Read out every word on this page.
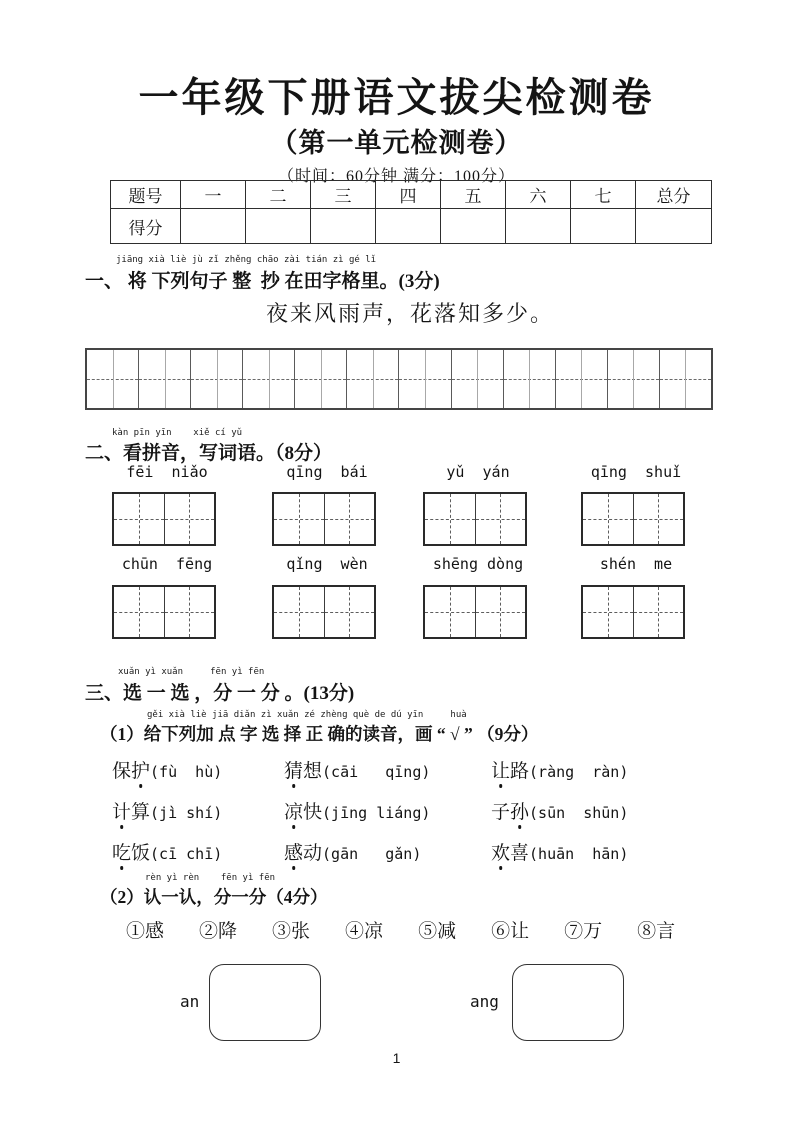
一年级下册语文拔尖检测卷
（第一单元检测卷）
（时间：60分钟 满分：100分）
题号	一	二	三	四	五	六	七	总分
得分								
jiāng xià liè jù zǐ zhěng chāo zài tián zì gé lǐ
一、 将 下列句子 整  抄 在田字格里。(3分)
夜来风雨声，花落知多少。
kàn pīn yīn    xiě cí yǔ
二、看拼音，写词语。（8分）
fēi  niǎo	qīng  bái	yǔ  yán	qīng  shuǐ
chūn  fēng	qǐng  wèn	shēng dòng	shén  me
xuǎn yì xuǎn     fēn yì fēn
三、选 一 选 ，分 一 分 。(13分)
gěi xià liè jiā diǎn zì xuǎn zé zhèng què de dú yīn     huà
（1）给下列加 点 字 选 择 正 确的读音，画 “ √ ” （9分）
保护(fù  hù)	猜想(cāi   qīng)	让路(ràng  ràn)
计算(jì shí)	凉快(jīng liáng)	子孙(sūn  shūn)
吃饭(cī chī)	感动(gān   gǎn)	欢喜(huān  hān)
rèn yì rèn    fēn yì fēn
（2）认一认，分一分（4分）
①感 ②降 ③张 ④凉 ⑤减 ⑥让 ⑦万 ⑧言
an	ang
1
